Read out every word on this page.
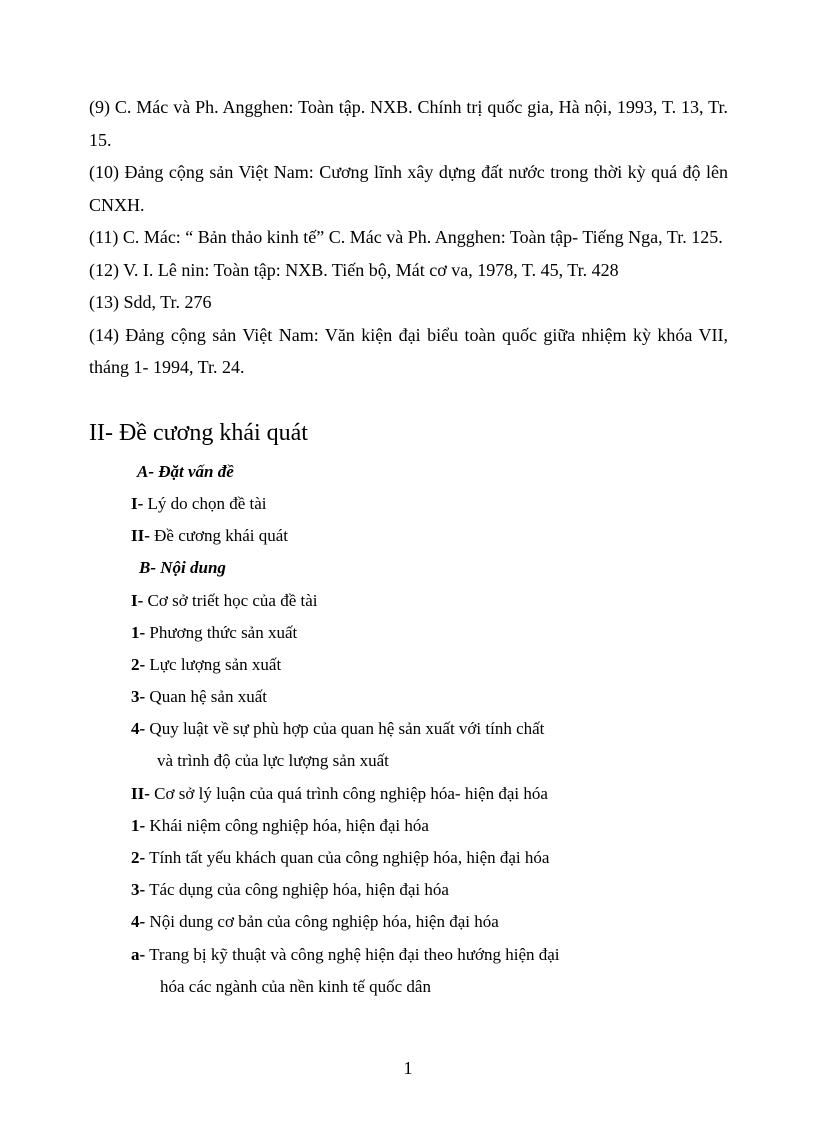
(9) C. Mác và Ph. Angghen: Toàn tập. NXB. Chính trị quốc gia, Hà nội, 1993, T. 13, Tr. 15.

(10) Đảng cộng sản Việt Nam: Cương lĩnh xây dựng đất nước trong thời kỳ quá độ lên CNXH.

(11) C. Mác: “ Bản thảo kinh tế” C. Mác và Ph. Angghen: Toàn tập- Tiếng Nga, Tr. 125.

(12) V. I. Lê nin: Toàn tập: NXB. Tiến bộ, Mát cơ va, 1978, T. 45, Tr. 428

(13) Sdd, Tr. 276

(14) Đảng cộng sản Việt Nam: Văn kiện đại biểu toàn quốc giữa nhiệm kỳ khóa VII, tháng 1- 1994, Tr. 24.

II- Đề cương khái quát
A- Đặt vấn đề
I- Lý do chọn đề tài
II- Đề cương khái quát
B- Nội dung
I- Cơ sở triết học của đề tài
1- Phương thức sản xuất
2- Lực lượng sản xuất
3- Quan hệ sản xuất
4- Quy luật về sự phù hợp của quan hệ sản xuất với tính chất
và trình độ của lực lượng sản xuất
II- Cơ sở lý luận của quá trình công nghiệp hóa- hiện đại hóa
1- Khái niệm công nghiệp hóa, hiện đại hóa
2- Tính tất yếu khách quan của công nghiệp hóa, hiện đại hóa
3- Tác dụng của công nghiệp hóa, hiện đại hóa
4- Nội dung cơ bản của công nghiệp hóa, hiện đại hóa
a- Trang bị kỹ thuật và công nghệ hiện đại theo hướng hiện đại
hóa các ngành của nền kinh tế quốc dân
1
